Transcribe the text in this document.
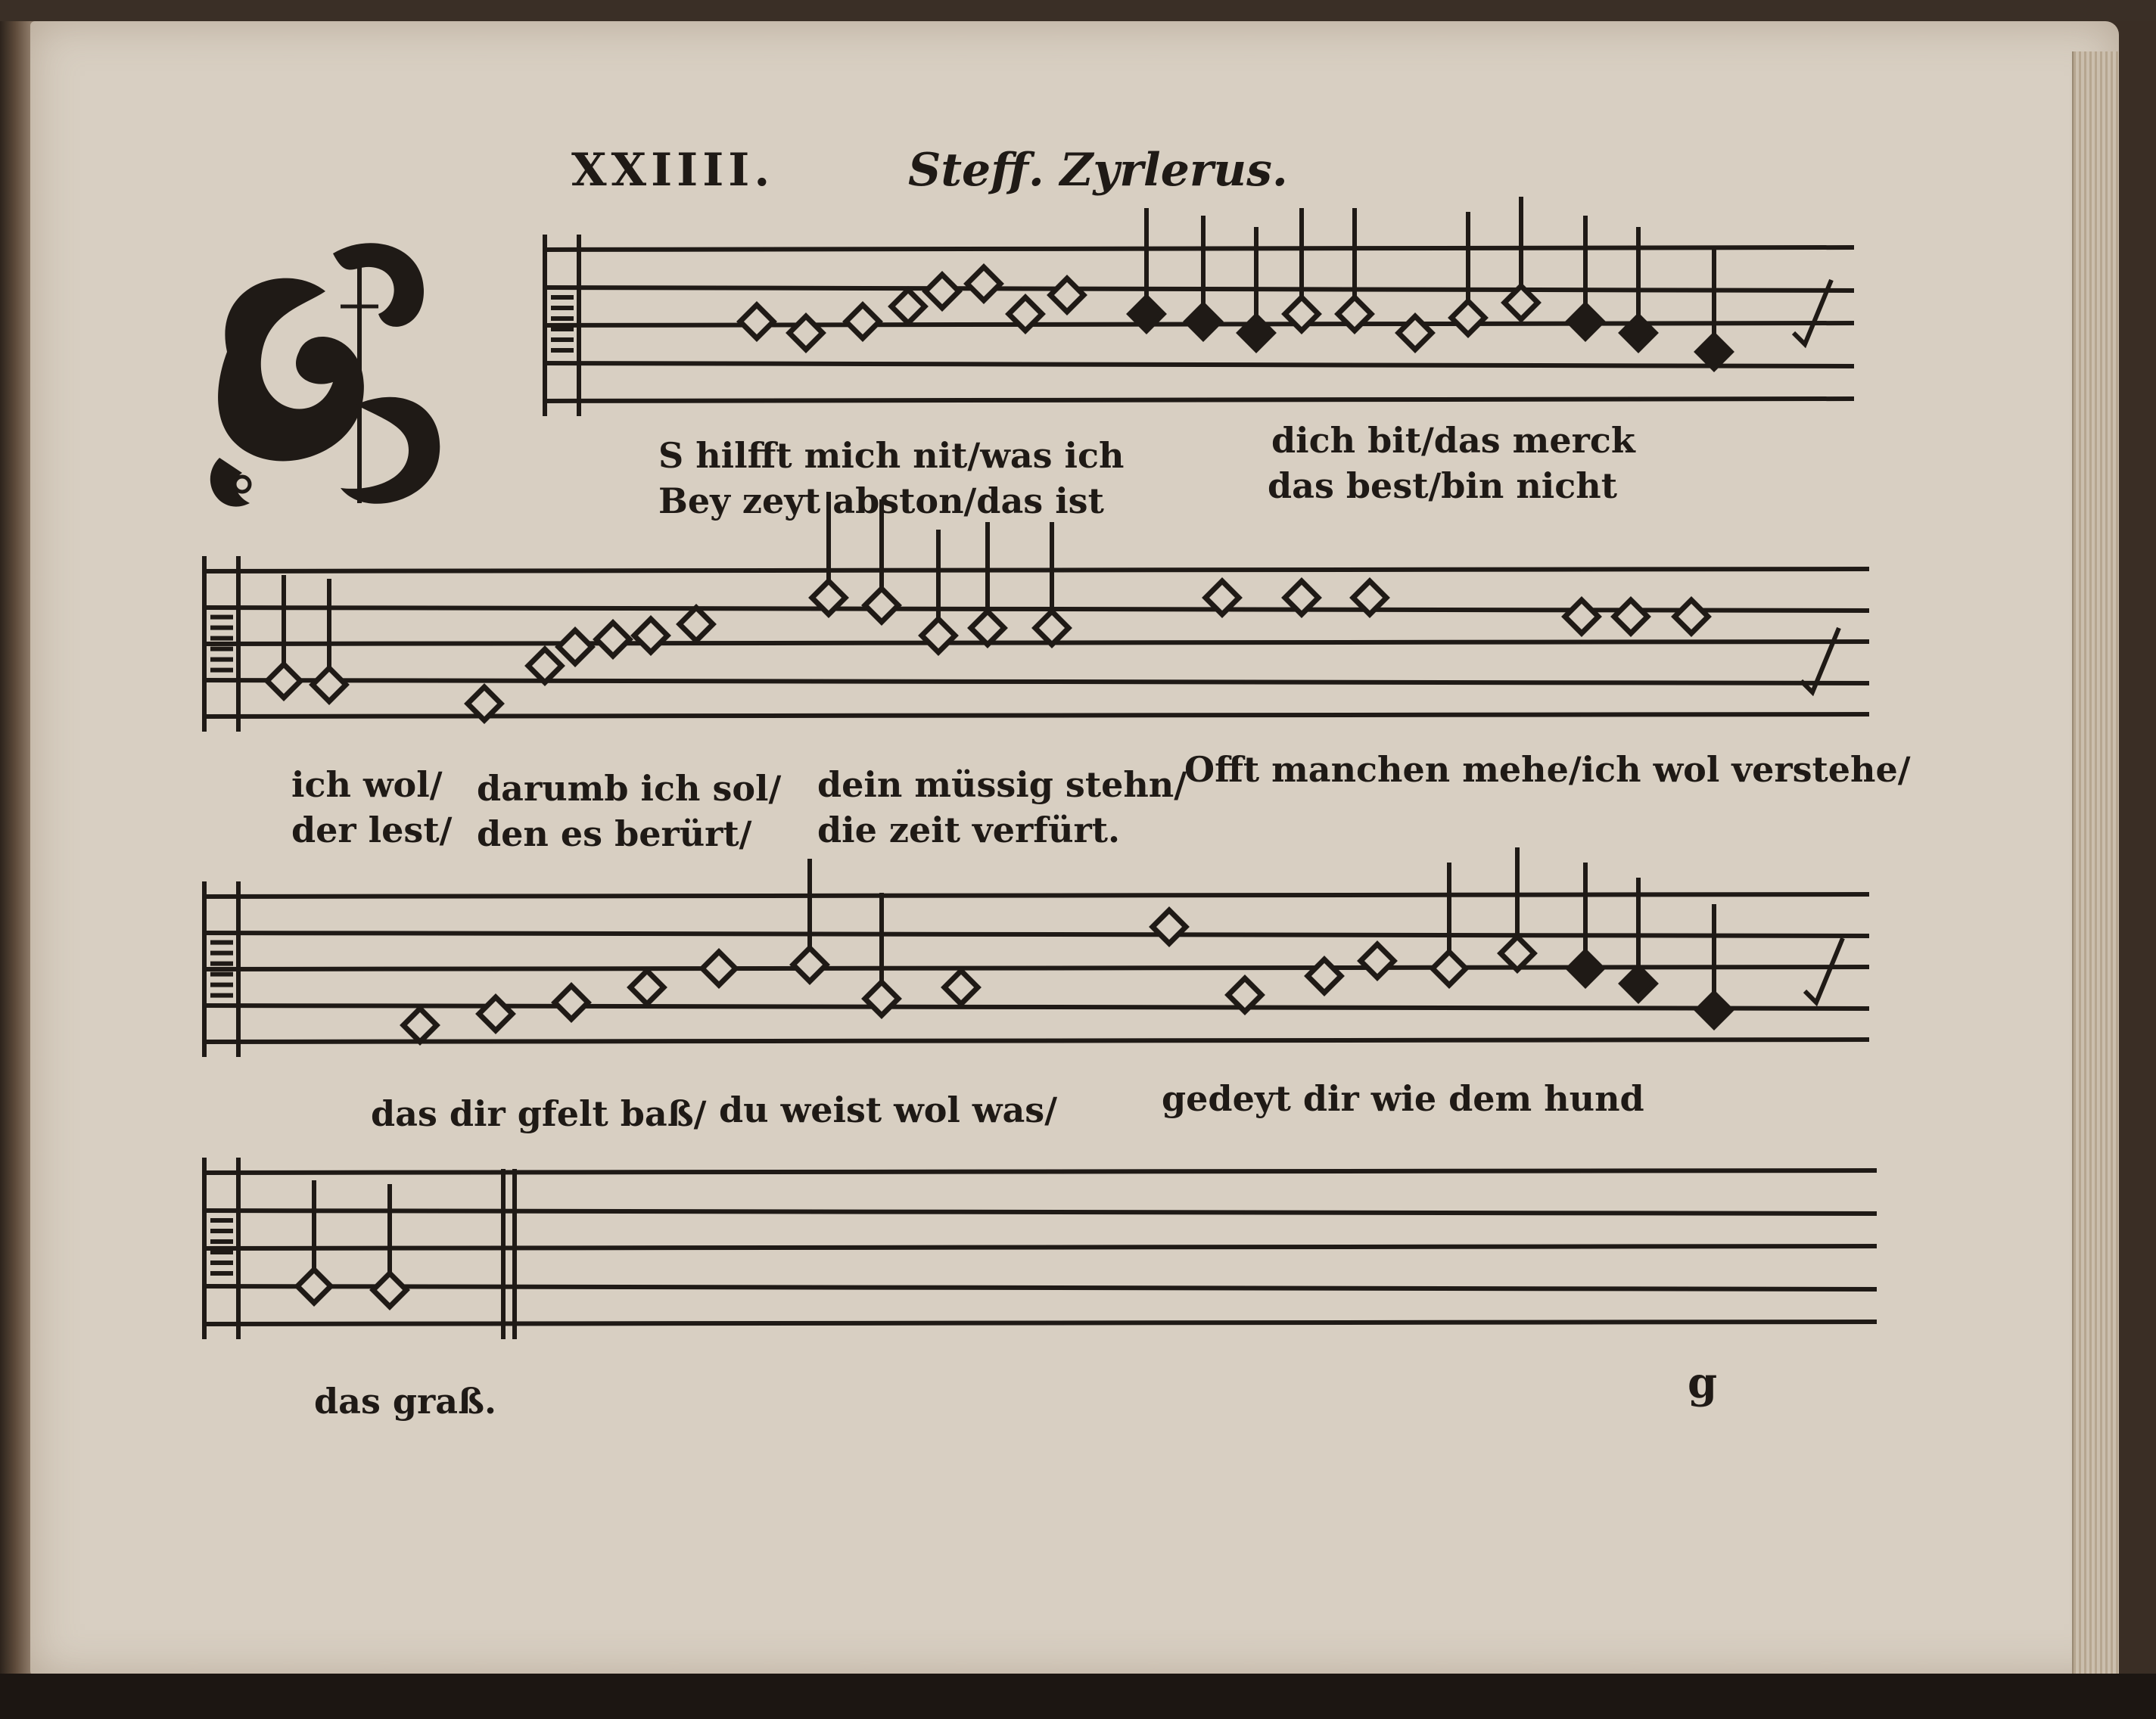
XXIIII.	Steff. Zyrlerus.
S hilfft mich nit/was ich
Bey zeyt abston/das ist
dich bit/das merck
das best/bin nicht
ich wol/
der lest/
darumb ich sol/
den es berürt/
dein müssig stehn/
die zeit verfürt.
Offt manchen mehe/ich wol verstehe/
das dir gfelt baß/ du weist wol was/	gedeyt dir wie dem hund
das graß.	g
